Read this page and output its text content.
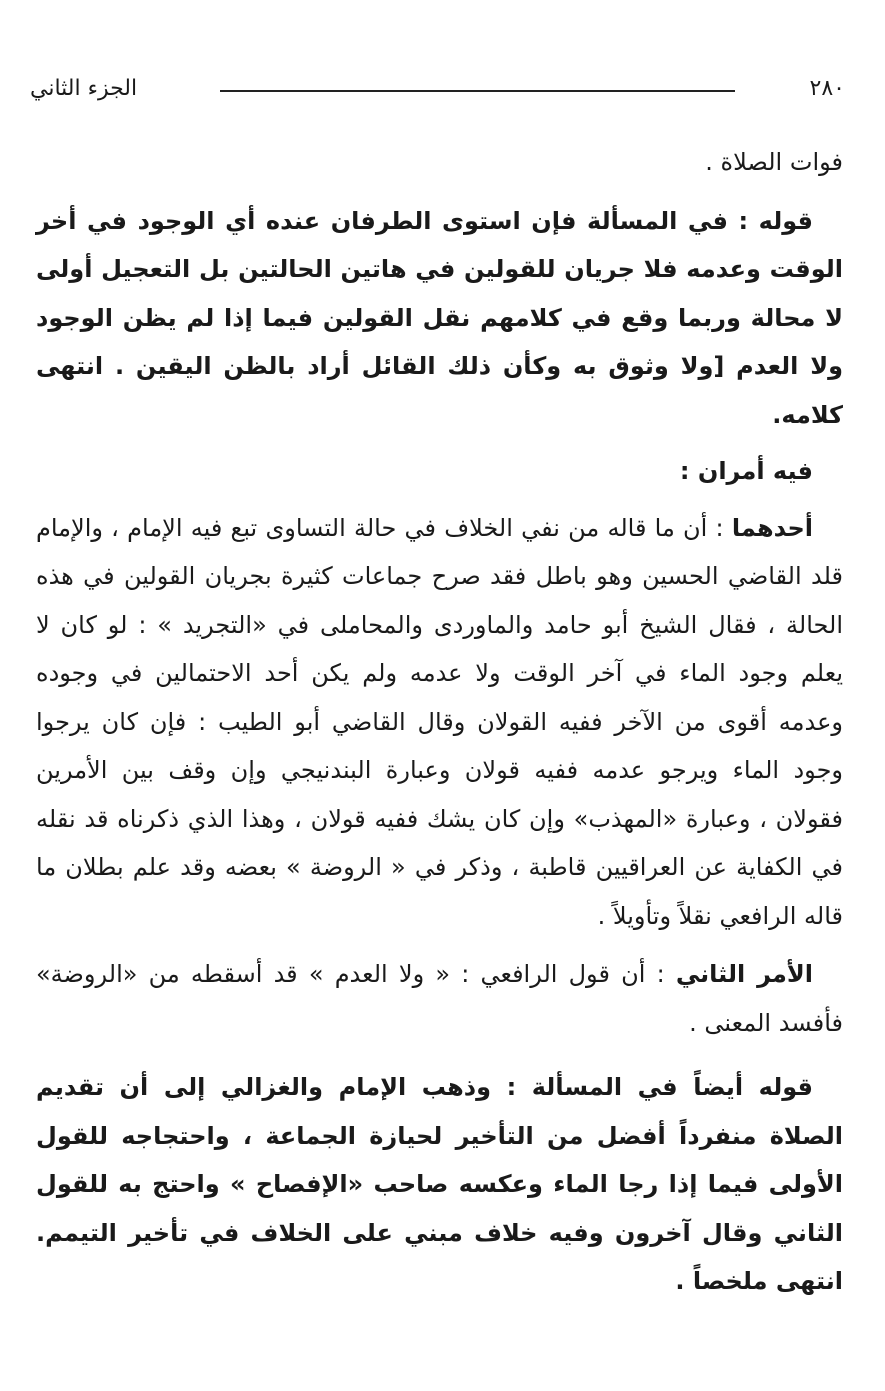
٢٨٠
الجزء الثاني

فوات الصلاة .

قوله : في المسألة فإن استوى الطرفان عنده أي الوجود في أخر الوقت وعدمه فلا جريان للقولين في هاتين الحالتين بل التعجيل أولى لا محالة وربما وقع في كلامهم نقل القولين فيما إذا لم يظن الوجود ولا العدم [ولا وثوق به وكأن ذلك القائل أراد بالظن اليقين . انتهى كلامه.

فيه أمران :

أحدهما : أن ما قاله من نفي الخلاف في حالة التساوى تبع فيه الإمام ، والإمام قلد القاضي الحسين وهو باطل فقد صرح جماعات كثيرة بجريان القولين في هذه الحالة ، فقال الشيخ أبو حامد والماوردى والمحاملى في «التجريد » : لو كان لا يعلم وجود الماء في آخر الوقت ولا عدمه ولم يكن أحد الاحتمالين في وجوده وعدمه أقوى من الآخر ففيه القولان وقال القاضي أبو الطيب : فإن كان يرجوا وجود الماء ويرجو عدمه ففيه قولان وعبارة البندنيجي وإن وقف بين الأمرين فقولان ، وعبارة «المهذب» وإن كان يشك ففيه قولان ، وهذا الذي ذكرناه قد نقله في الكفاية عن العراقيين قاطبة ، وذكر في « الروضة » بعضه وقد علم بطلان ما قاله الرافعي نقلاً وتأويلاً .

الأمر الثاني : أن قول الرافعي : « ولا العدم » قد أسقطه من «الروضة» فأفسد المعنى .

قوله أيضاً في المسألة : وذهب الإمام والغزالي إلى أن تقديم الصلاة منفرداً أفضل من التأخير لحيازة الجماعة ، واحتجاجه للقول الأولى فيما إذا رجا الماء وعكسه صاحب «الإفصاح » واحتج به للقول الثاني وقال آخرون وفيه خلاف مبني على الخلاف في تأخير التيمم. انتهى ملخصاً .
